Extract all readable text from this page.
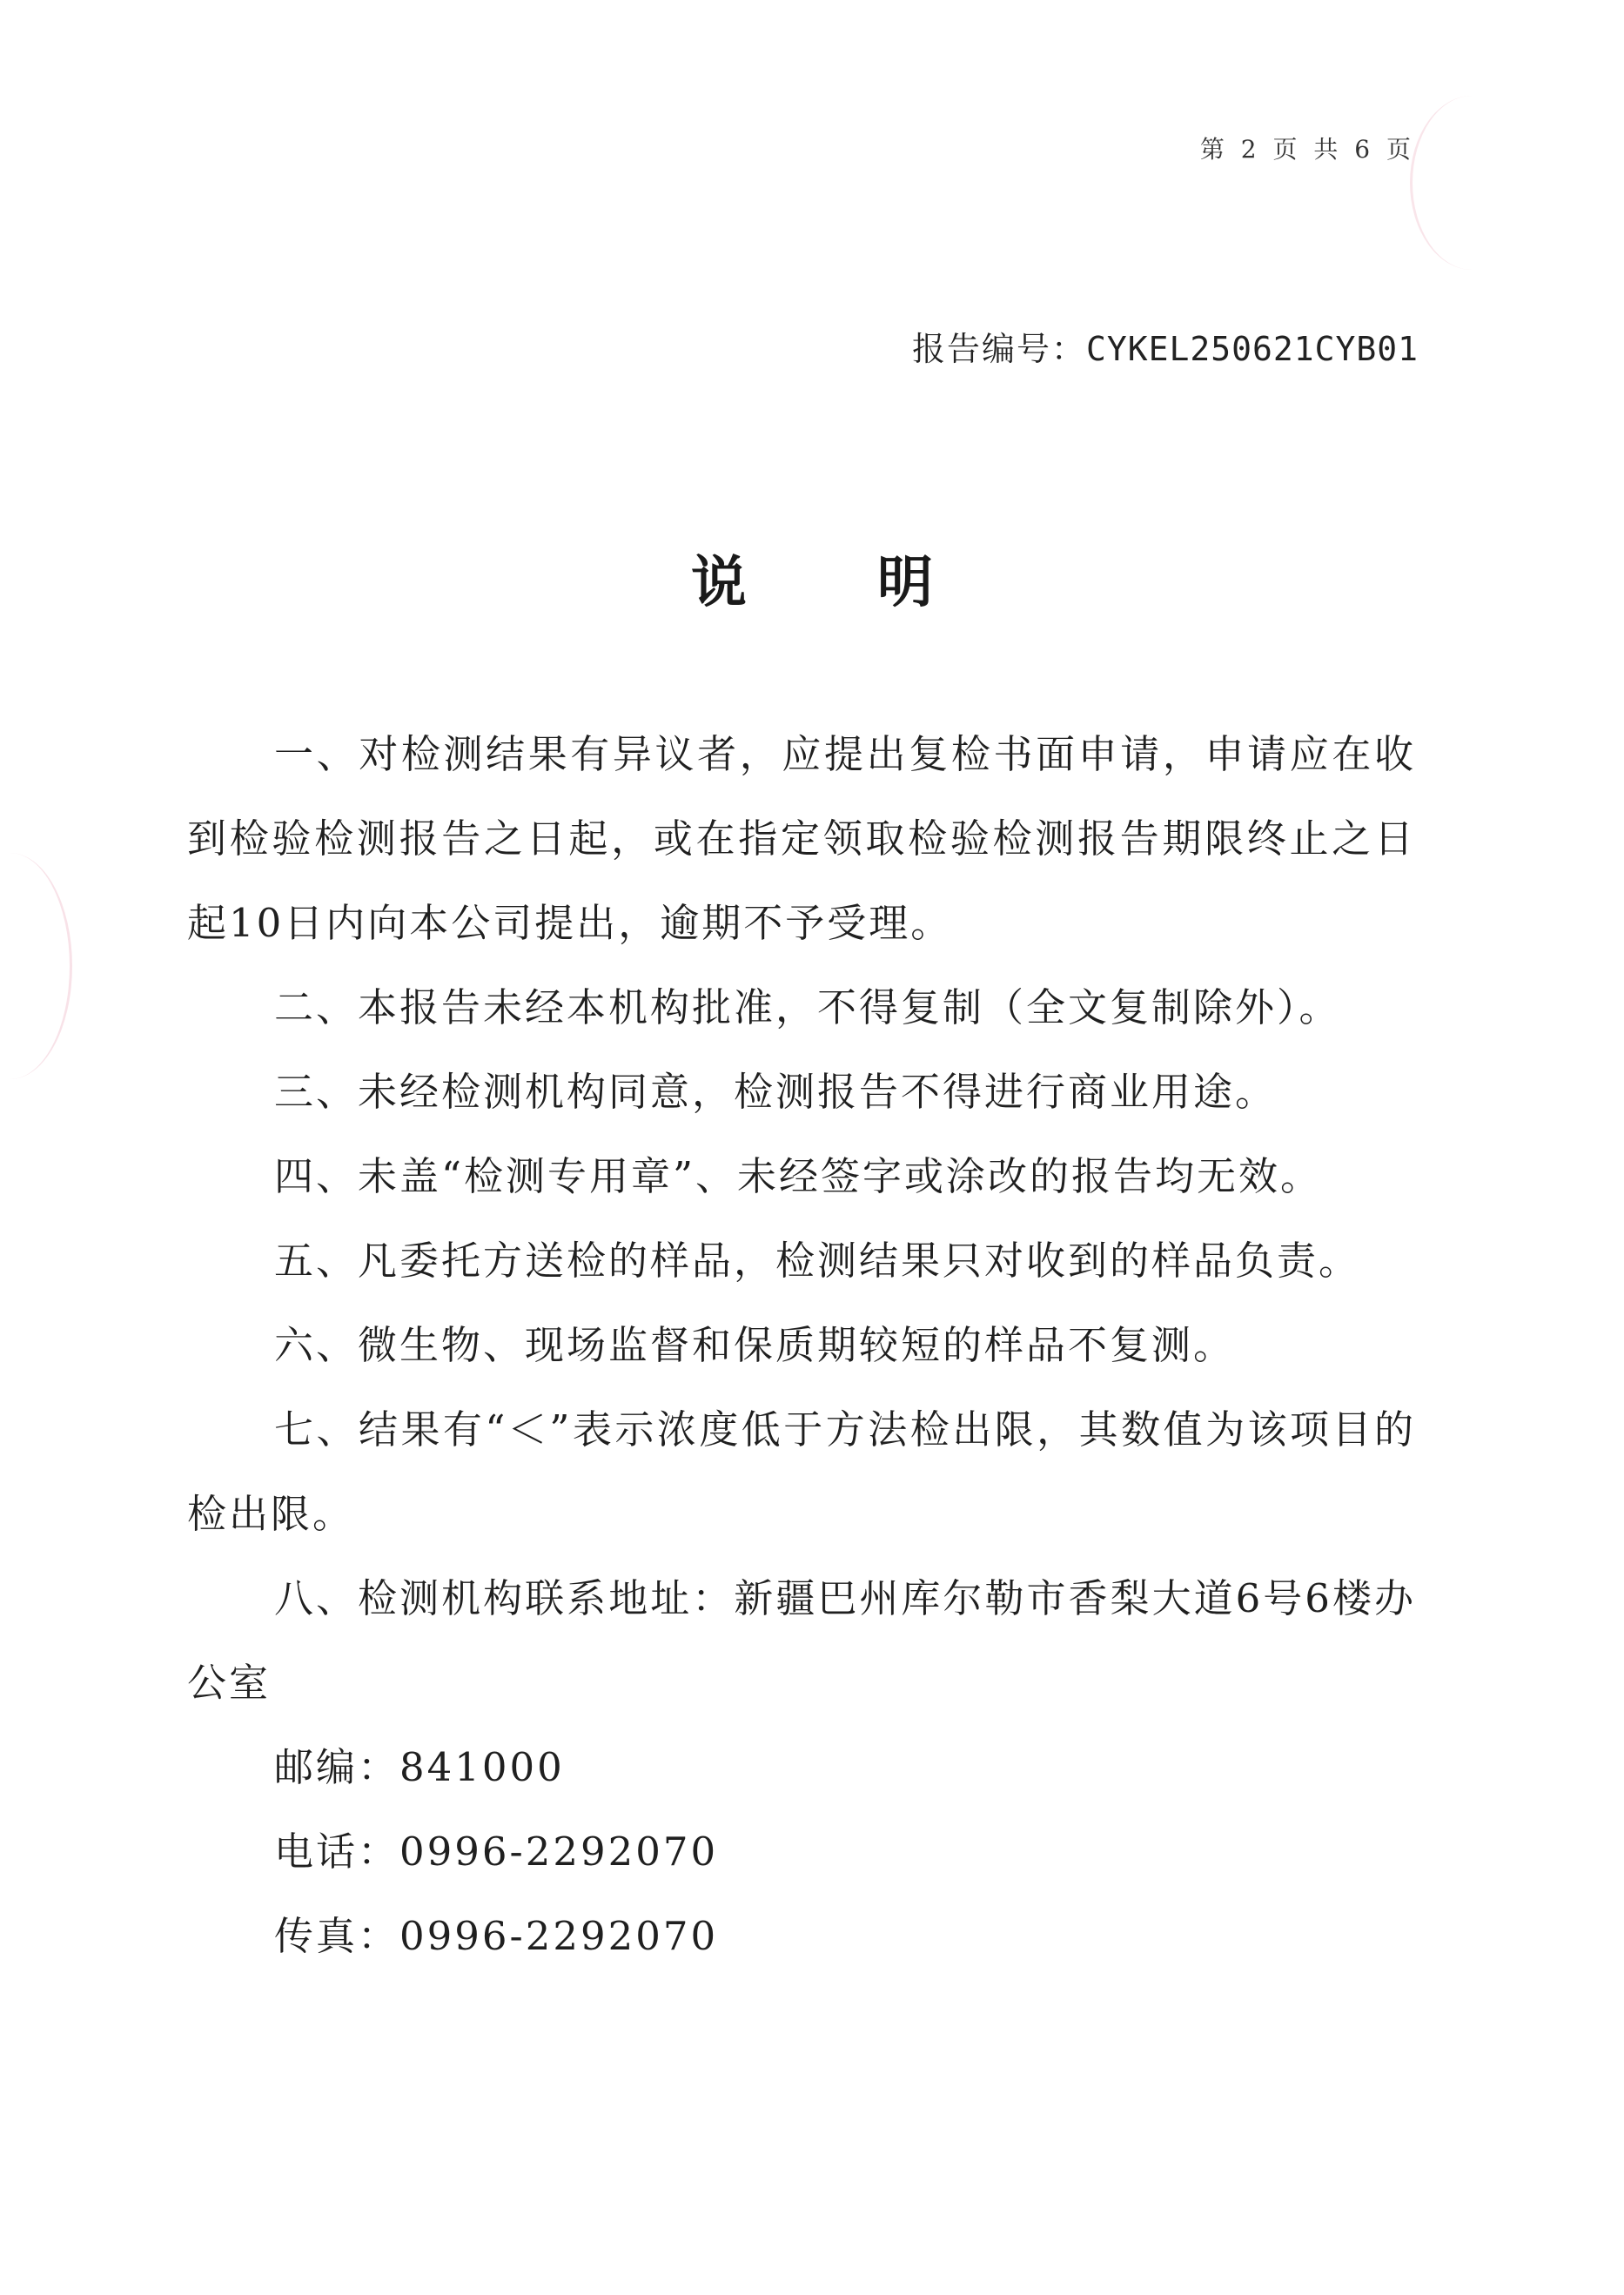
第 2 页 共 6 页
报告编号：CYKEL250621CYB01
说明

一、对检测结果有异议者，应提出复检书面申请，申请应在收到检验检测报告之日起，或在指定领取检验检测报告期限终止之日起10日内向本公司提出，逾期不予受理。

二、本报告未经本机构批准，不得复制（全文复制除外）。

三、未经检测机构同意，检测报告不得进行商业用途。

四、未盖“检测专用章”、未经签字或涂改的报告均无效。

五、凡委托方送检的样品，检测结果只对收到的样品负责。

六、微生物、现场监督和保质期较短的样品不复测。

七、结果有“＜”表示浓度低于方法检出限，其数值为该项目的检出限。

八、检测机构联系地址：新疆巴州库尔勒市香梨大道6号6楼办公室

邮编：841000

电话：0996-2292070

传真：0996-2292070
